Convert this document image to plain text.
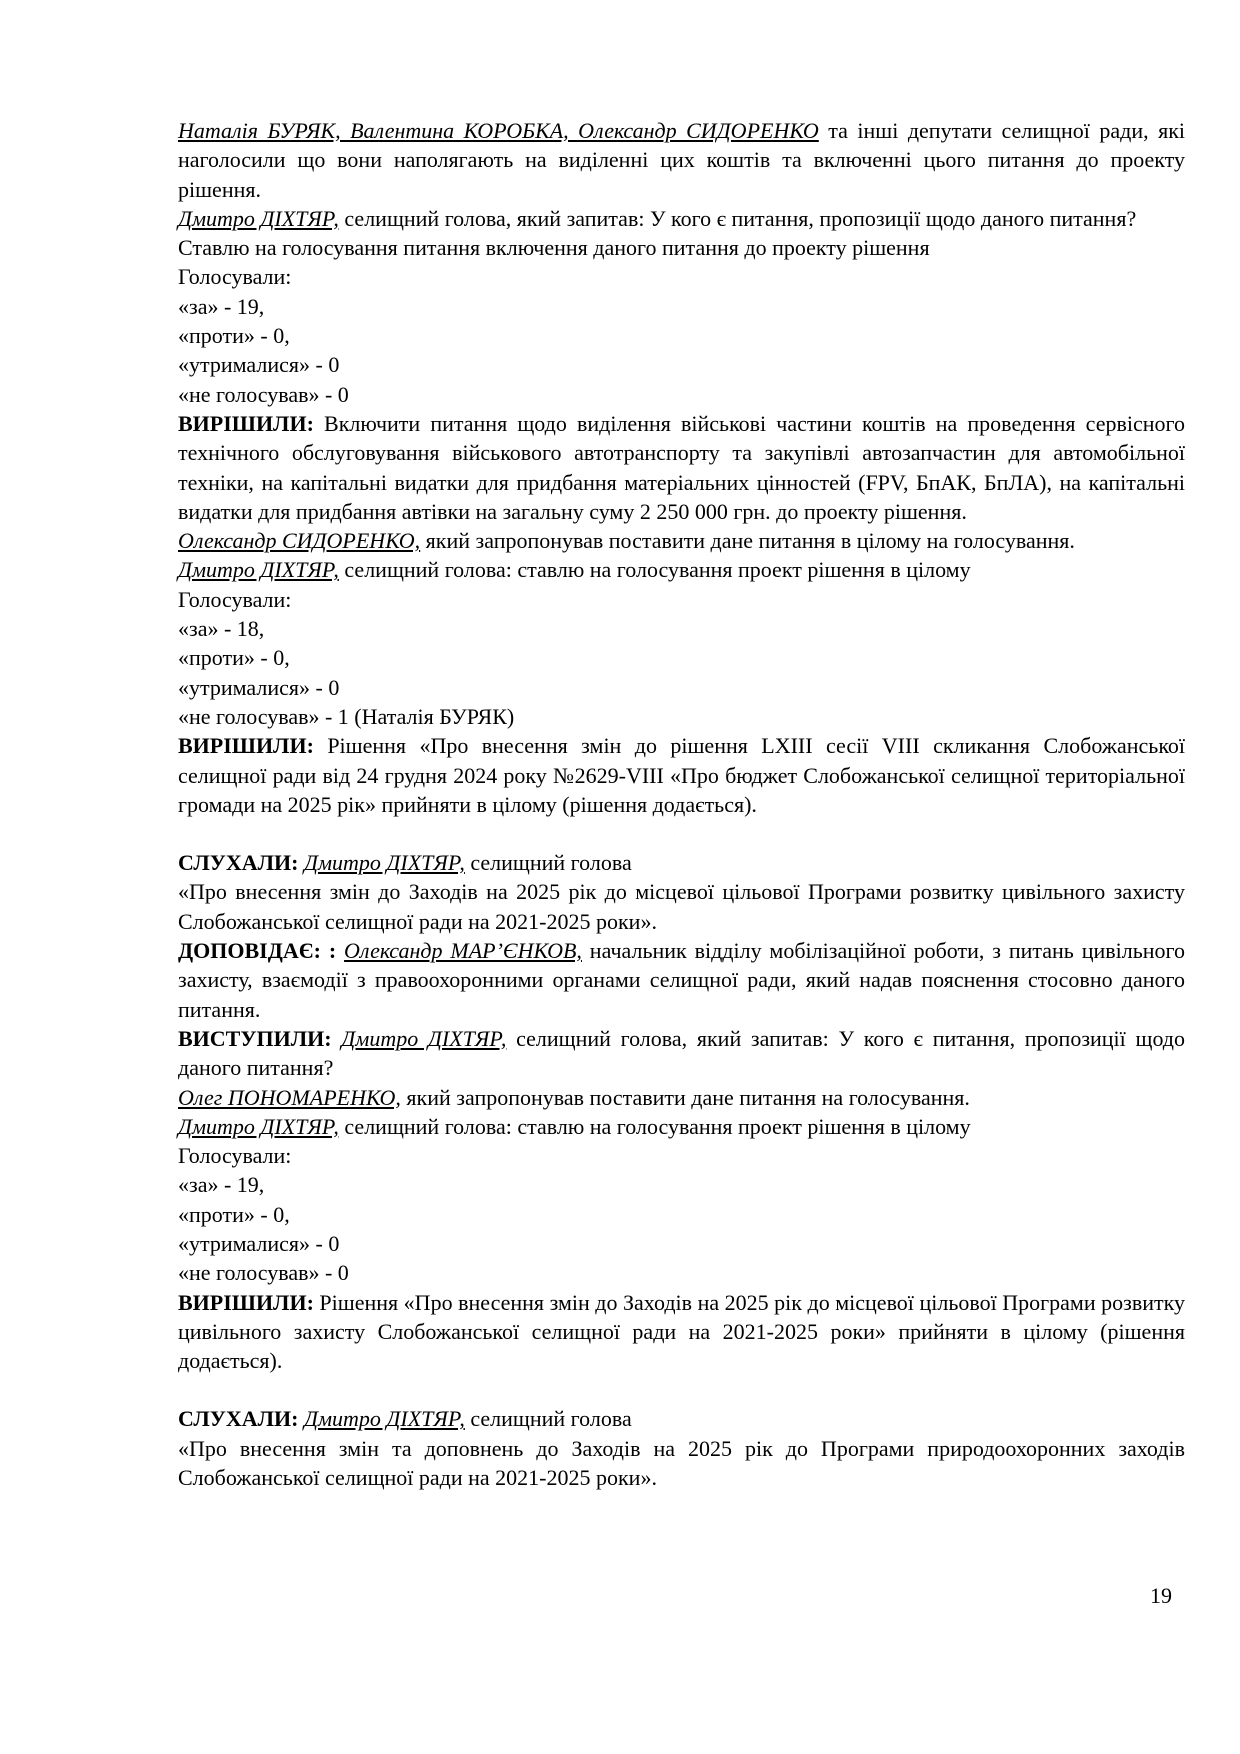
Наталія БУРЯК, Валентина КОРОБКА, Олександр СИДОРЕНКО та інші депутати селищної ради, які наголосили що вони наполягають на виділенні цих коштів та включенні цього питання до проекту рішення.
Дмитро ДІХТЯР, селищний голова, який запитав: У кого є питання, пропозиції щодо даного питання?
Ставлю на голосування питання включення даного питання до проекту рішення
Голосували:
«за» - 19,
«проти» - 0,
«утрималися» - 0
«не голосував» - 0
ВИРІШИЛИ: Включити питання щодо виділення військові частини коштів на проведення сервісного технічного обслуговування військового автотранспорту та закупівлі автозапчастин для автомобільної техніки, на капітальні видатки для придбання матеріальних цінностей (FPV, БпАК, БпЛА), на капітальні видатки для придбання автівки на загальну суму 2 250 000 грн. до проекту рішення.
Олександр СИДОРЕНКО, який запропонував поставити дане питання в цілому на голосування.
Дмитро ДІХТЯР, селищний голова: ставлю на голосування проект рішення в цілому
Голосували:
«за» - 18,
«проти» - 0,
«утрималися» - 0
«не голосував» - 1 (Наталія БУРЯК)
ВИРІШИЛИ: Рішення «Про внесення змін до рішення LXIII сесії VIII скликання Слобожанської селищної ради від 24 грудня 2024 року №2629-VIII «Про бюджет Слобожанської селищної територіальної громади на 2025 рік» прийняти в цілому (рішення додається).
СЛУХАЛИ: Дмитро ДІХТЯР, селищний голова
«Про внесення змін до Заходів на 2025 рік до місцевої цільової Програми розвитку цивільного захисту Слобожанської селищної ради на 2021-2025 роки».
ДОПОВІДАЄ: : Олександр МАР’ЄНКОВ, начальник відділу мобілізаційної роботи, з питань цивільного захисту, взаємодії з правоохоронними органами селищної ради, який надав пояснення стосовно даного питання.
ВИСТУПИЛИ: Дмитро ДІХТЯР, селищний голова, який запитав: У кого є питання, пропозиції щодо даного питання?
Олег ПОНОМАРЕНКО, який запропонував поставити дане питання на голосування.
Дмитро ДІХТЯР, селищний голова: ставлю на голосування проект рішення в цілому
Голосували:
«за» - 19,
«проти» - 0,
«утрималися» - 0
«не голосував» - 0
ВИРІШИЛИ: Рішення «Про внесення змін до Заходів на 2025 рік до місцевої цільової Програми розвитку цивільного захисту Слобожанської селищної ради на 2021-2025 роки» прийняти в цілому (рішення додається).
СЛУХАЛИ: Дмитро ДІХТЯР, селищний голова
«Про внесення змін та доповнень до Заходів на 2025 рік до Програми природоохоронних заходів Слобожанської селищної ради на 2021-2025 роки».
19
